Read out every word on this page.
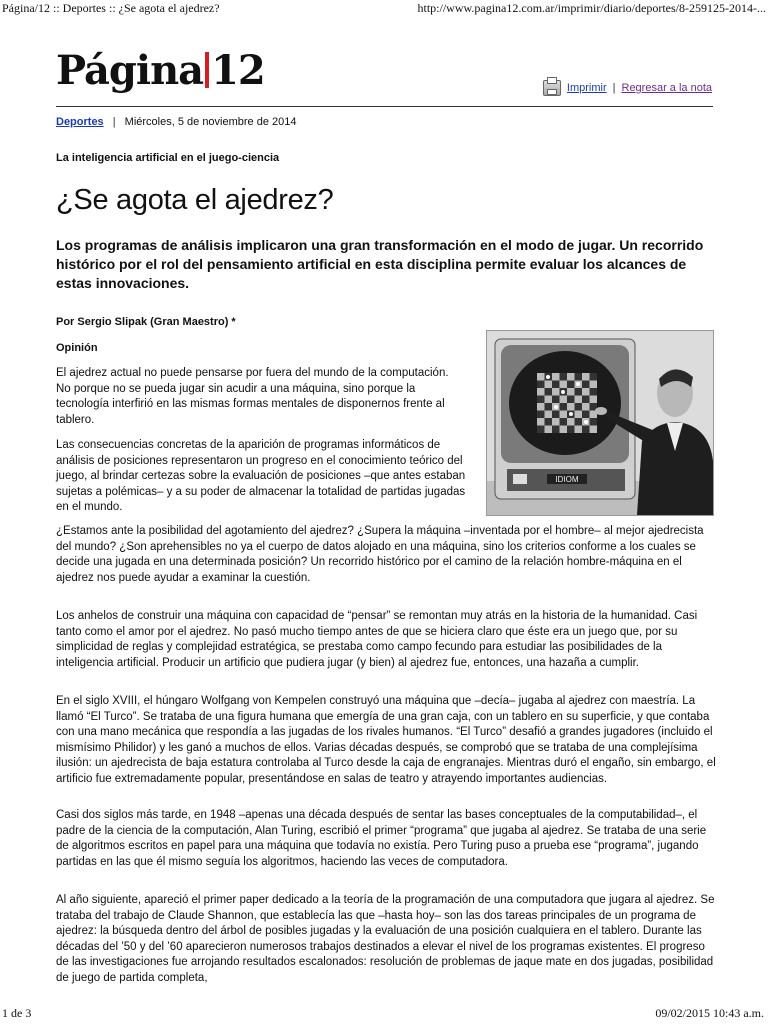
Página/12 :: Deportes :: ¿Se agota el ajedrez?	http://www.pagina12.com.ar/imprimir/diario/deportes/8-259125-2014-...
Página 12	Imprimir | Regresar a la nota
Deportes | Miércoles, 5 de noviembre de 2014
La inteligencia artificial en el juego-ciencia
¿Se agota el ajedrez?

Los programas de análisis implicaron una gran transformación en el modo de jugar. Un recorrido histórico por el rol del pensamiento artificial en esta disciplina permite evaluar los alcances de estas innovaciones.

Por Sergio Slipak (Gran Maestro) *
Opinión
IDIOM

El ajedrez actual no puede pensarse por fuera del mundo de la computación. No porque no se pueda jugar sin acudir a una máquina, sino porque la tecnología interfirió en las mismas formas mentales de disponernos frente al tablero.

Las consecuencias concretas de la aparición de programas informáticos de análisis de posiciones representaron un progreso en el conocimiento teórico del juego, al brindar certezas sobre la evaluación de posiciones –que antes estaban sujetas a polémicas– y a su poder de almacenar la totalidad de partidas jugadas en el mundo.

¿Estamos ante la posibilidad del agotamiento del ajedrez? ¿Supera la máquina –inventada por el hombre– al mejor ajedrecista del mundo? ¿Son aprehensibles no ya el cuerpo de datos alojado en una máquina, sino los criterios conforme a los cuales se decide una jugada en una determinada posición? Un recorrido histórico por el camino de la relación hombre-máquina en el ajedrez nos puede ayudar a examinar la cuestión.

Los anhelos de construir una máquina con capacidad de “pensar” se remontan muy atrás en la historia de la humanidad. Casi tanto como el amor por el ajedrez. No pasó mucho tiempo antes de que se hiciera claro que éste era un juego que, por su simplicidad de reglas y complejidad estratégica, se prestaba como campo fecundo para estudiar las posibilidades de la inteligencia artificial. Producir un artificio que pudiera jugar (y bien) al ajedrez fue, entonces, una hazaña a cumplir.

En el siglo XVIII, el húngaro Wolfgang von Kempelen construyó una máquina que –decía– jugaba al ajedrez con maestría. La llamó “El Turco”. Se trataba de una figura humana que emergía de una gran caja, con un tablero en su superficie, y que contaba con una mano mecánica que respondía a las jugadas de los rivales humanos. “El Turco” desafió a grandes jugadores (incluido el mismísimo Philidor) y les ganó a muchos de ellos. Varias décadas después, se comprobó que se trataba de una complejísima ilusión: un ajedrecista de baja estatura controlaba al Turco desde la caja de engranajes. Mientras duró el engaño, sin embargo, el artificio fue extremadamente popular, presentándose en salas de teatro y atrayendo importantes audiencias.

Casi dos siglos más tarde, en 1948 –apenas una década después de sentar las bases conceptuales de la computabilidad–, el padre de la ciencia de la computación, Alan Turing, escribió el primer “programa” que jugaba al ajedrez. Se trataba de una serie de algoritmos escritos en papel para una máquina que todavía no existía. Pero Turing puso a prueba ese “programa”, jugando partidas en las que él mismo seguía los algoritmos, haciendo las veces de computadora.

Al año siguiente, apareció el primer paper dedicado a la teoría de la programación de una computadora que jugara al ajedrez. Se trataba del trabajo de Claude Shannon, que establecía las que –hasta hoy– son las dos tareas principales de un programa de ajedrez: la búsqueda dentro del árbol de posibles jugadas y la evaluación de una posición cualquiera en el tablero. Durante las décadas del ’50 y del ’60 aparecieron numerosos trabajos destinados a elevar el nivel de los programas existentes. El progreso de las investigaciones fue arrojando resultados escalonados: resolución de problemas de jaque mate en dos jugadas, posibilidad de juego de partida completa,

1 de 3	09/02/2015 10:43 a.m.
